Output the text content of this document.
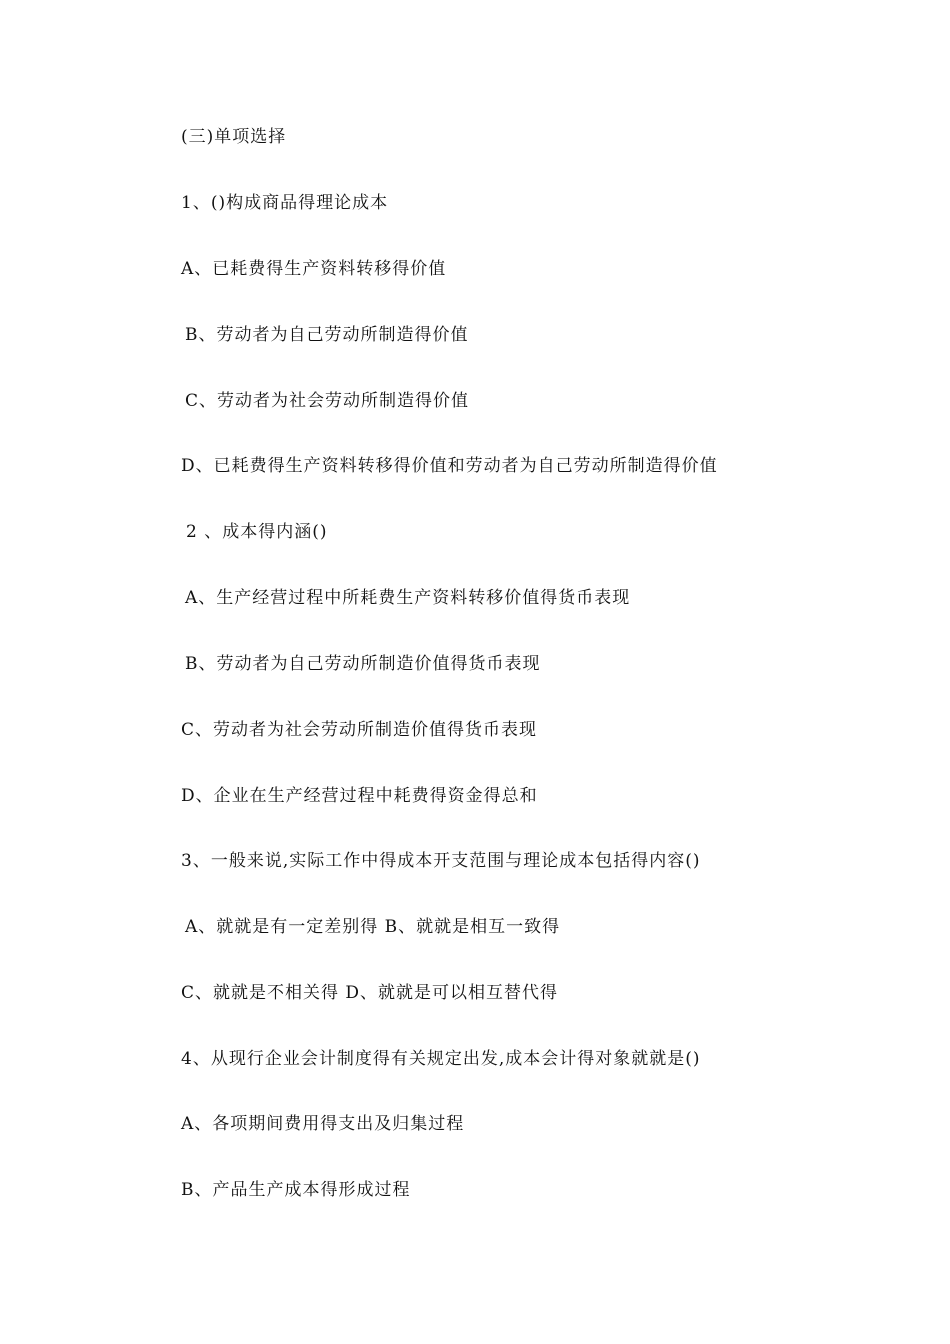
(三)单项选择
1、()构成商品得理论成本
A、已耗费得生产资料转移得价值
B、劳动者为自己劳动所制造得价值
C、劳动者为社会劳动所制造得价值
D、已耗费得生产资料转移得价值和劳动者为自己劳动所制造得价值
2 、成本得内涵()
A、生产经营过程中所耗费生产资料转移价值得货币表现
B、劳动者为自己劳动所制造价值得货币表现
C、劳动者为社会劳动所制造价值得货币表现
D、企业在生产经营过程中耗费得资金得总和
3、一般来说,实际工作中得成本开支范围与理论成本包括得内容()
A、就就是有一定差别得 B、就就是相互一致得
C、就就是不相关得 D、就就是可以相互替代得
4、从现行企业会计制度得有关规定出发,成本会计得对象就就是()
A、各项期间费用得支出及归集过程
B、产品生产成本得形成过程
